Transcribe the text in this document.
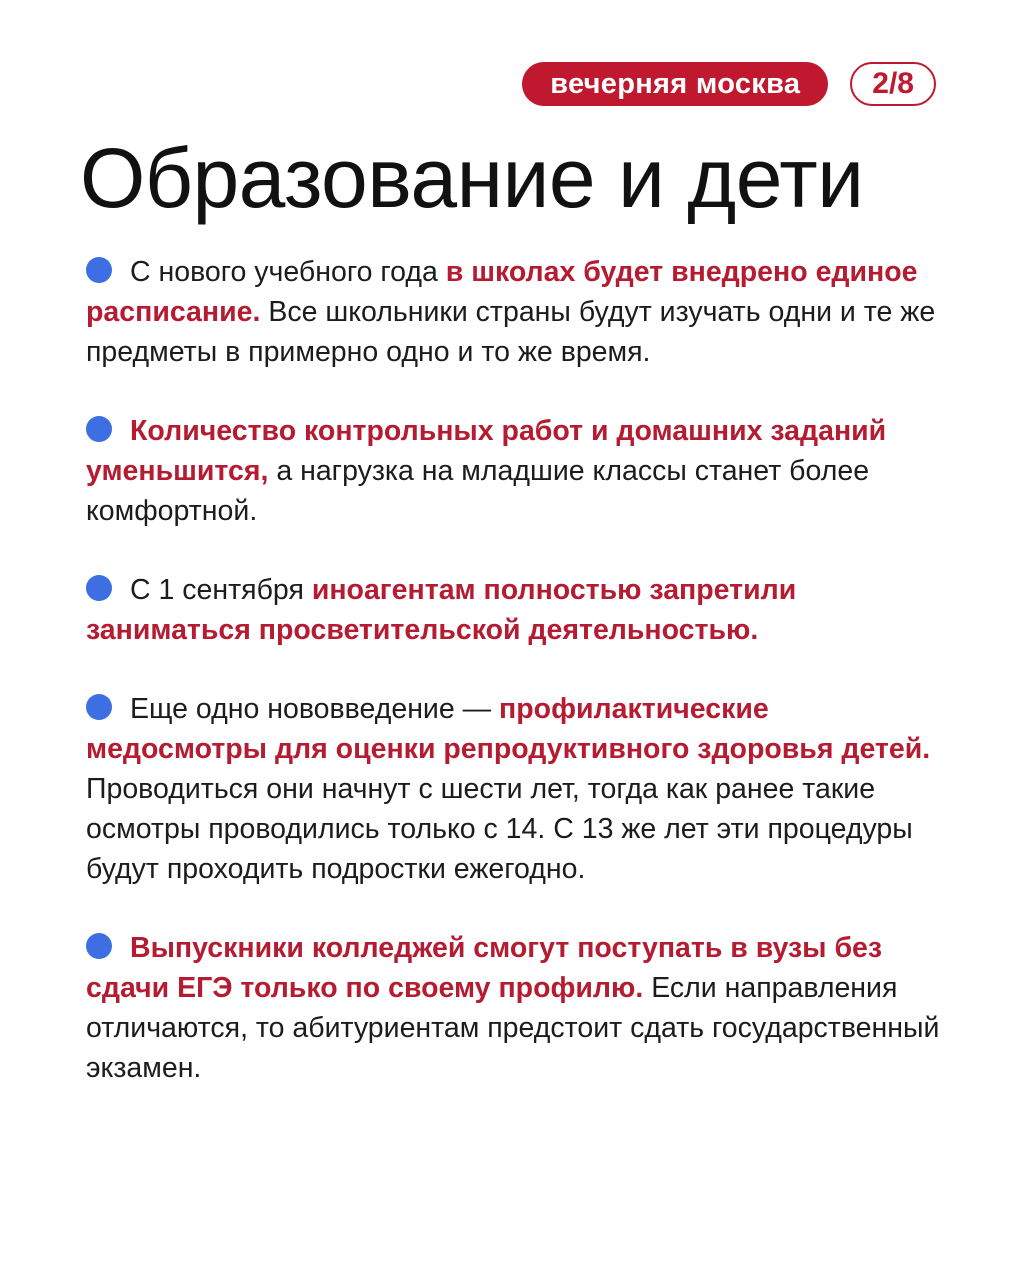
вечерняя москва	2/8
Образование и дети

С нового учебного года в школах будет внедрено единое расписание. Все школьники страны будут изучать одни и те же предметы в примерно одно и то же время.

Количество контрольных работ и домашних заданий уменьшится, а нагрузка на младшие классы станет более комфортной.

С 1 сентября иноагентам полностью запретили заниматься просветительской деятельностью.

Еще одно нововведение — профилактические медосмотры для оценки репродуктивного здоровья детей. Проводиться они начнут с шести лет, тогда как ранее такие осмотры проводились только с 14. С 13 же лет эти процедуры будут проходить подростки ежегодно.

Выпускники колледжей смогут поступать в вузы без сдачи ЕГЭ только по своему профилю. Если направления отличаются, то абитуриентам предстоит сдать государственный экзамен.
